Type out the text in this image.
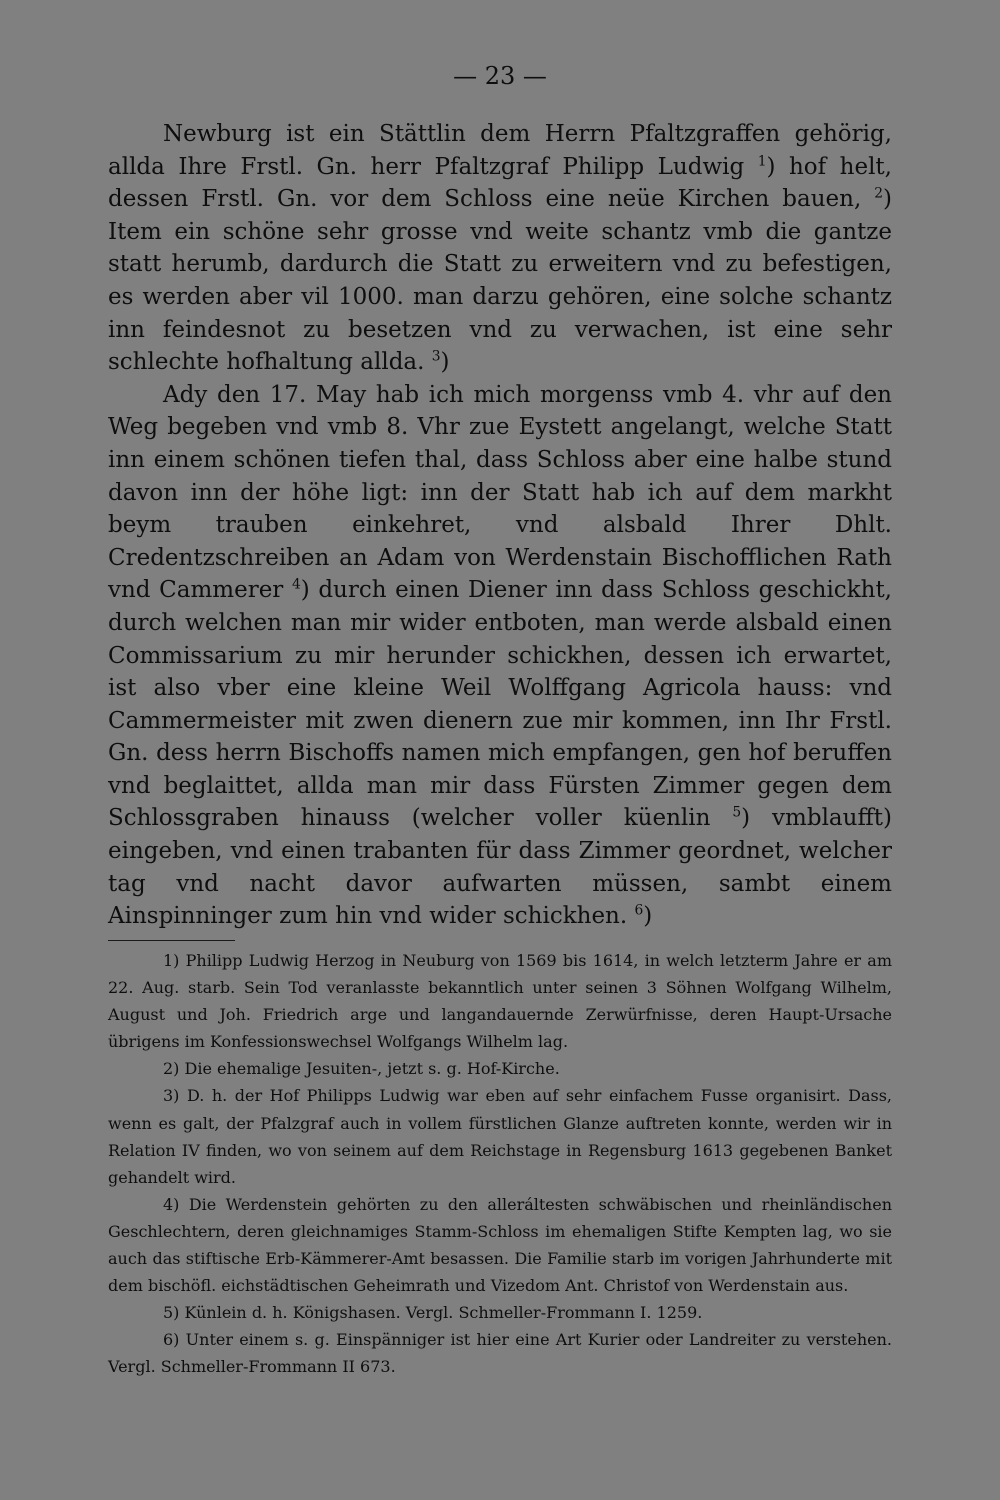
— 23 —

Newburg ist ein Stättlin dem Herrn Pfaltzgraffen gehörig, allda Ihre Frstl. Gn. herr Pfaltzgraf Philipp Ludwig $^1$) hof helt, dessen Frstl. Gn. vor dem Schloss eine neüe Kirchen bauen, $^2$) Item ein schöne sehr grosse vnd weite schantz vmb die gantze statt herumb, dardurch die Statt zu erweitern vnd zu befestigen, es werden aber vil 1000. man darzu gehören, eine solche schantz inn feindesnot zu besetzen vnd zu verwachen, ist eine sehr schlechte hofhaltung allda. $^3$)

Ady den 17. May hab ich mich morgenss vmb 4. vhr auf den Weg begeben vnd vmb 8. Vhr zue Eystett angelangt, welche Statt inn einem schönen tiefen thal, dass Schloss aber eine halbe stund davon inn der höhe ligt: inn der Statt hab ich auf dem markht beym trauben einkehret, vnd alsbald Ihrer Dhlt. Credentzschreiben an Adam von Werdenstain Bischofflichen Rath vnd Cammerer $^4$) durch einen Diener inn dass Schloss geschickht, durch welchen man mir wider entboten, man werde alsbald einen Commissarium zu mir herunder schickhen, dessen ich erwartet, ist also vber eine kleine Weil Wolffgang Agricola hauss: vnd Cammermeister mit zwen dienern zue mir kommen, inn Ihr Frstl. Gn. dess herrn Bischoffs namen mich empfangen, gen hof beruffen vnd beglaittet, allda man mir dass Fürsten Zimmer gegen dem Schlossgraben hinauss (welcher voller küenlin $^5$) vmblaufft) eingeben, vnd einen trabanten für dass Zimmer geordnet, welcher tag vnd nacht davor aufwarten müssen, sambt einem Ainspinninger zum hin vnd wider schickhen. $^6$)

1) Philipp Ludwig Herzog in Neuburg von 1569 bis 1614, in welch letzterm Jahre er am 22. Aug. starb. Sein Tod veranlasste bekanntlich unter seinen 3 Söhnen Wolfgang Wilhelm, August und Joh. Friedrich arge und langandauernde Zerwürfnisse, deren Haupt-Ursache übrigens im Konfessionswechsel Wolfgangs Wilhelm lag.

2) Die ehemalige Jesuiten-, jetzt s. g. Hof-Kirche.

3) D. h. der Hof Philipps Ludwig war eben auf sehr einfachem Fusse organisirt. Dass, wenn es galt, der Pfalzgraf auch in vollem fürstlichen Glanze auftreten konnte, werden wir in Relation IV finden, wo von seinem auf dem Reichstage in Regensburg 1613 gegebenen Banket gehandelt wird.

4) Die Werdenstein gehörten zu den alleráltesten schwäbischen und rheinländischen Geschlechtern, deren gleichnamiges Stamm-Schloss im ehemaligen Stifte Kempten lag, wo sie auch das stiftische Erb-Kämmerer-Amt besassen. Die Familie starb im vorigen Jahrhunderte mit dem bischöfl. eichstädtischen Geheimrath und Vizedom Ant. Christof von Werdenstain aus.

5) Künlein d. h. Königshasen. Vergl. Schmeller-Frommann I. 1259.

6) Unter einem s. g. Einspänniger ist hier eine Art Kurier oder Landreiter zu verstehen. Vergl. Schmeller-Frommann II 673.
